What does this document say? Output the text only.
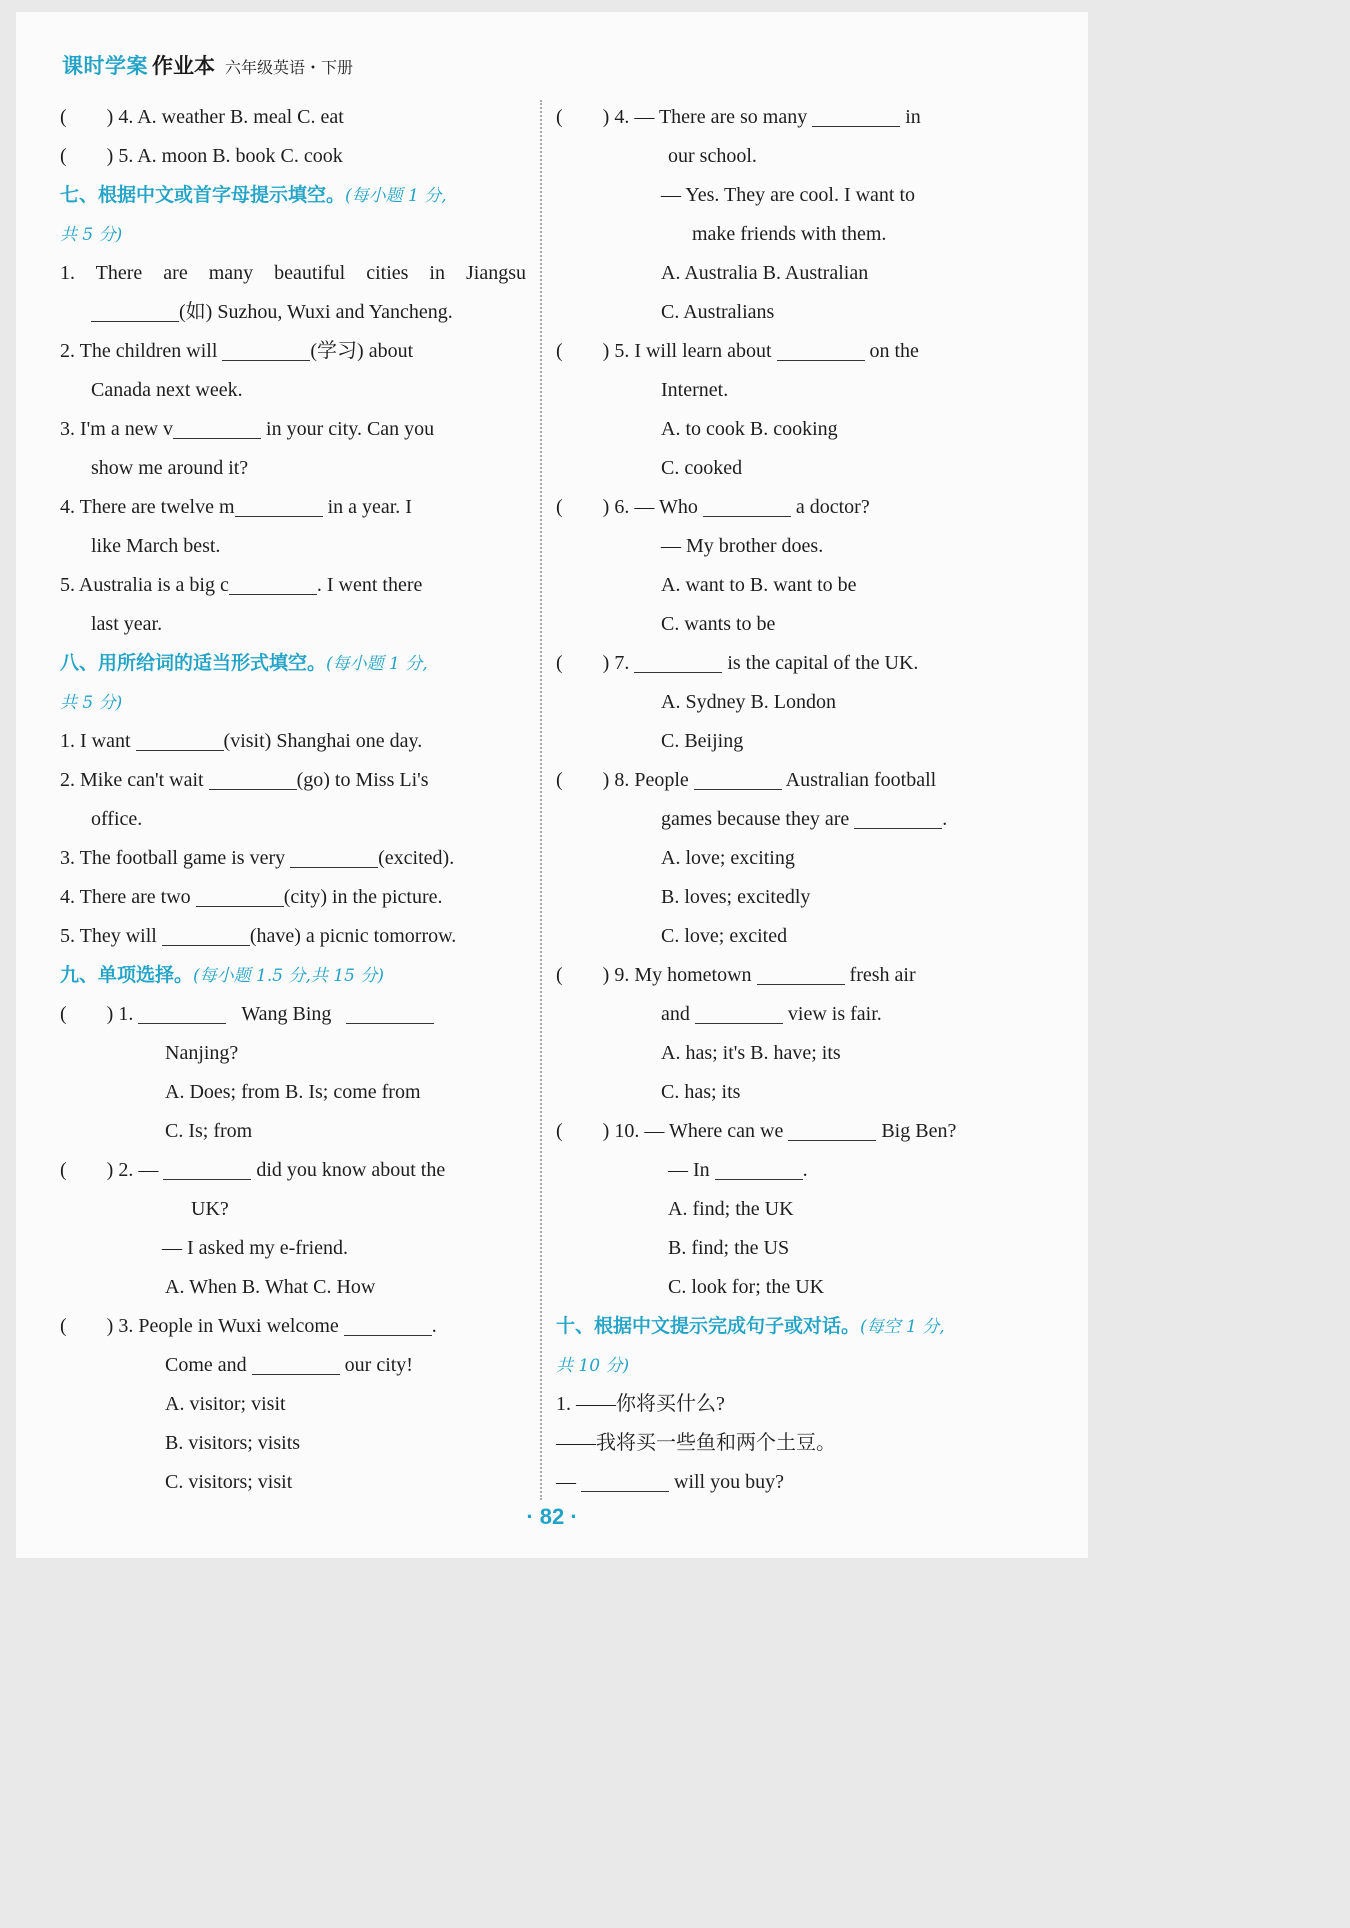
课时学案 作业本 六年级英语・下册
(　　) 4. A. weather B. meal C. eat
(　　) 5. A. moon B. book C. cook
七、根据中文或首字母提示填空。(每小题 1 分,
共 5 分)
1. There are many beautiful cities in Jiangsu
(如) Suzhou, Wuxi and Yancheng.
2. The children will	(学习) about
Canada next week.
3. I'm a new v	in your city. Can you
show me around it?
4. There are twelve m	in a year. I
like March best.
5. Australia is a big c	. I went there
last year.
八、用所给词的适当形式填空。(每小题 1 分,
共 5 分)
1. I want	(visit) Shanghai one day.
2. Mike can't wait	(go) to Miss Li's
office.
3. The football game is very	(excited).
4. There are two	(city) in the picture.
5. They will	(have) a picnic tomorrow.
九、单项选择。(每小题 1.5 分,共 15 分)
(　　) 1.	Wang Bing
Nanjing?
A. Does; from B. Is; come from
C. Is; from
(　　) 2. —	did you know about the
UK?
— I asked my e-friend.
A. When B. What C. How
(　　) 3. People in Wuxi welcome	.
Come and	our city!
A. visitor; visit
B. visitors; visits
C. visitors; visit
(　　) 4. — There are so many	in
our school.
— Yes. They are cool. I want to
make friends with them.
A. Australia B. Australian
C. Australians
(　　) 5. I will learn about	on the
Internet.
A. to cook B. cooking
C. cooked
(　　) 6. — Who	a doctor?
— My brother does.
A. want to B. want to be
C. wants to be
(　　) 7.	is the capital of the UK.
A. Sydney B. London
C. Beijing
(　　) 8. People	Australian football
games because they are	.
A. love; exciting
B. loves; excitedly
C. love; excited
(　　) 9. My hometown	fresh air
and	view is fair.
A. has; it's B. have; its
C. has; its
(　　) 10. — Where can we	Big Ben?
— In	.
A. find; the UK
B. find; the US
C. look for; the UK
十、根据中文提示完成句子或对话。(每空 1 分,
共 10 分)
1. ——你将买什么?
——我将买一些鱼和两个土豆。
—	will you buy?
· 82 ·
